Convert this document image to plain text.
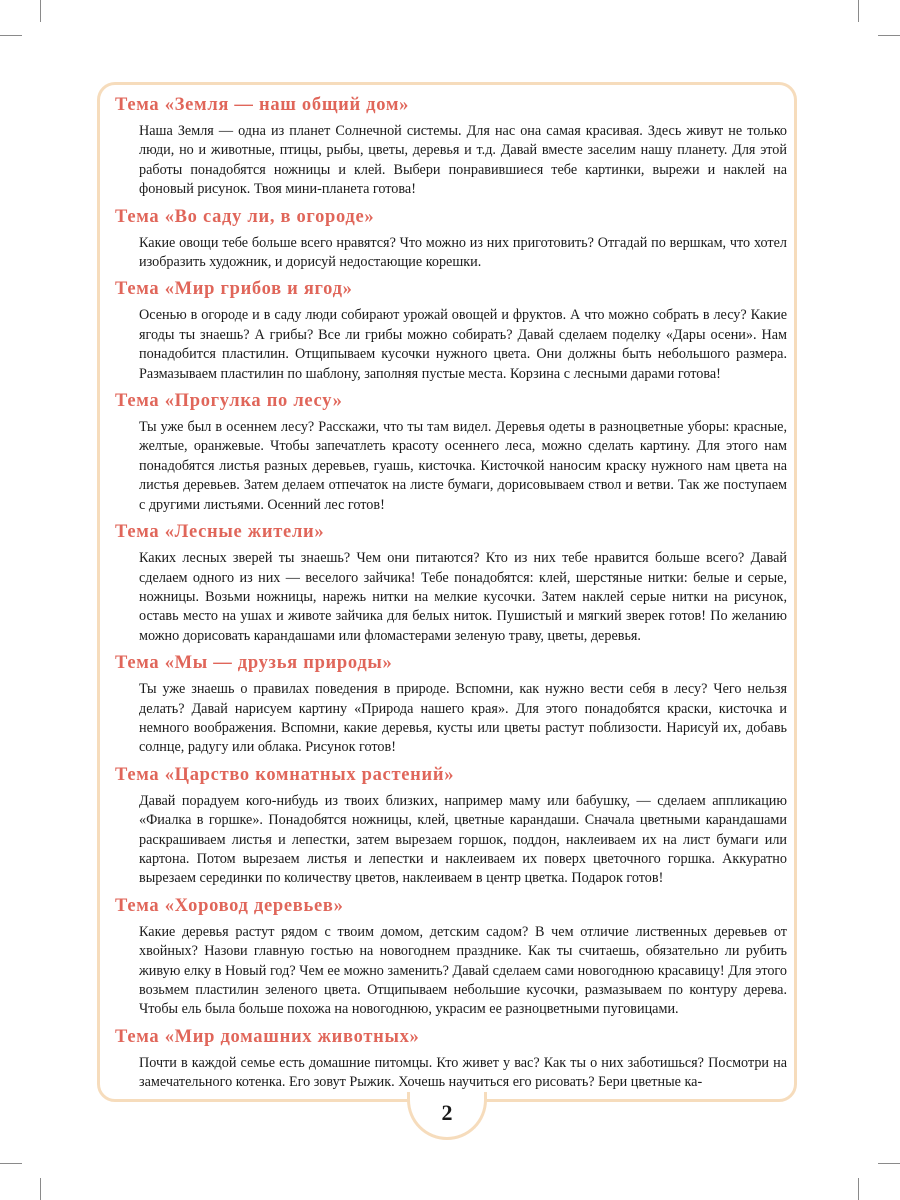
Тема «Земля — наш общий дом»

Наша Земля — одна из планет Солнечной системы. Для нас она самая красивая. Здесь живут не только люди, но и животные, птицы, рыбы, цветы, деревья и т.д. Давай вместе заселим нашу планету. Для этой работы понадобятся ножницы и клей. Выбери понравившиеся тебе картинки, вырежи и наклей на фоновый рисунок. Твоя мини-планета готова!

Тема «Во саду ли, в огороде»

Какие овощи тебе больше всего нравятся? Что можно из них приготовить? Отгадай по вершкам, что хотел изобразить художник, и дорисуй недостающие корешки.

Тема «Мир грибов и ягод»

Осенью в огороде и в саду люди собирают урожай овощей и фруктов. А что можно собрать в лесу? Какие ягоды ты знаешь? А грибы? Все ли грибы можно собирать? Давай сделаем поделку «Дары осени». Нам понадобится пластилин. Отщипываем кусочки нужного цвета. Они должны быть небольшого размера. Размазываем пластилин по шаблону, заполняя пустые места. Корзина с лесными дарами готова!

Тема «Прогулка по лесу»

Ты уже был в осеннем лесу? Расскажи, что ты там видел. Деревья одеты в разноцветные уборы: красные, желтые, оранжевые. Чтобы запечатлеть красоту осеннего леса, можно сделать картину. Для этого нам понадобятся листья разных деревьев, гуашь, кисточка. Кисточкой наносим краску нужного нам цвета на листья деревьев. Затем делаем отпечаток на листе бумаги, дорисовываем ствол и ветви. Так же поступаем с другими листьями. Осенний лес готов!

Тема «Лесные жители»

Каких лесных зверей ты знаешь? Чем они питаются? Кто из них тебе нравится больше всего? Давай сделаем одного из них — веселого зайчика! Тебе понадобятся: клей, шерстяные нитки: белые и серые, ножницы. Возьми ножницы, нарежь нитки на мелкие кусочки. Затем наклей серые нитки на рисунок, оставь место на ушах и животе зайчика для белых ниток. Пушистый и мягкий зверек готов! По желанию можно дорисовать карандашами или фломастерами зеленую траву, цветы, деревья.

Тема «Мы — друзья природы»

Ты уже знаешь о правилах поведения в природе. Вспомни, как нужно вести себя в лесу? Чего нельзя делать? Давай нарисуем картину «Природа нашего края». Для этого понадобятся краски, кисточка и немного воображения. Вспомни, какие деревья, кусты или цветы растут поблизости. Нарисуй их, добавь солнце, радугу или облака. Рисунок готов!

Тема «Царство комнатных растений»

Давай порадуем кого-нибудь из твоих близких, например маму или бабушку, — сделаем аппликацию «Фиалка в горшке». Понадобятся ножницы, клей, цветные карандаши. Сначала цветными карандашами раскрашиваем листья и лепестки, затем вырезаем горшок, поддон, наклеиваем их на лист бумаги или картона. Потом вырезаем листья и лепестки и наклеиваем их поверх цветочного горшка. Аккуратно вырезаем серединки по количеству цветов, наклеиваем в центр цветка. Подарок готов!

Тема «Хоровод деревьев»

Какие деревья растут рядом с твоим домом, детским садом? В чем отличие лиственных деревьев от хвойных? Назови главную гостью на новогоднем празднике. Как ты считаешь, обязательно ли рубить живую елку в Новый год? Чем ее можно заменить? Давай сделаем сами новогоднюю красавицу! Для этого возьмем пластилин зеленого цвета. Отщипываем небольшие кусочки, размазываем по контуру дерева. Чтобы ель была больше похожа на новогоднюю, украсим ее разноцветными пуговицами.

Тема «Мир домашних животных»

Почти в каждой семье есть домашние питомцы. Кто живет у вас? Как ты о них заботишься? Посмотри на замечательного котенка. Его зовут Рыжик. Хочешь научиться его рисовать? Бери цветные ка-

2
